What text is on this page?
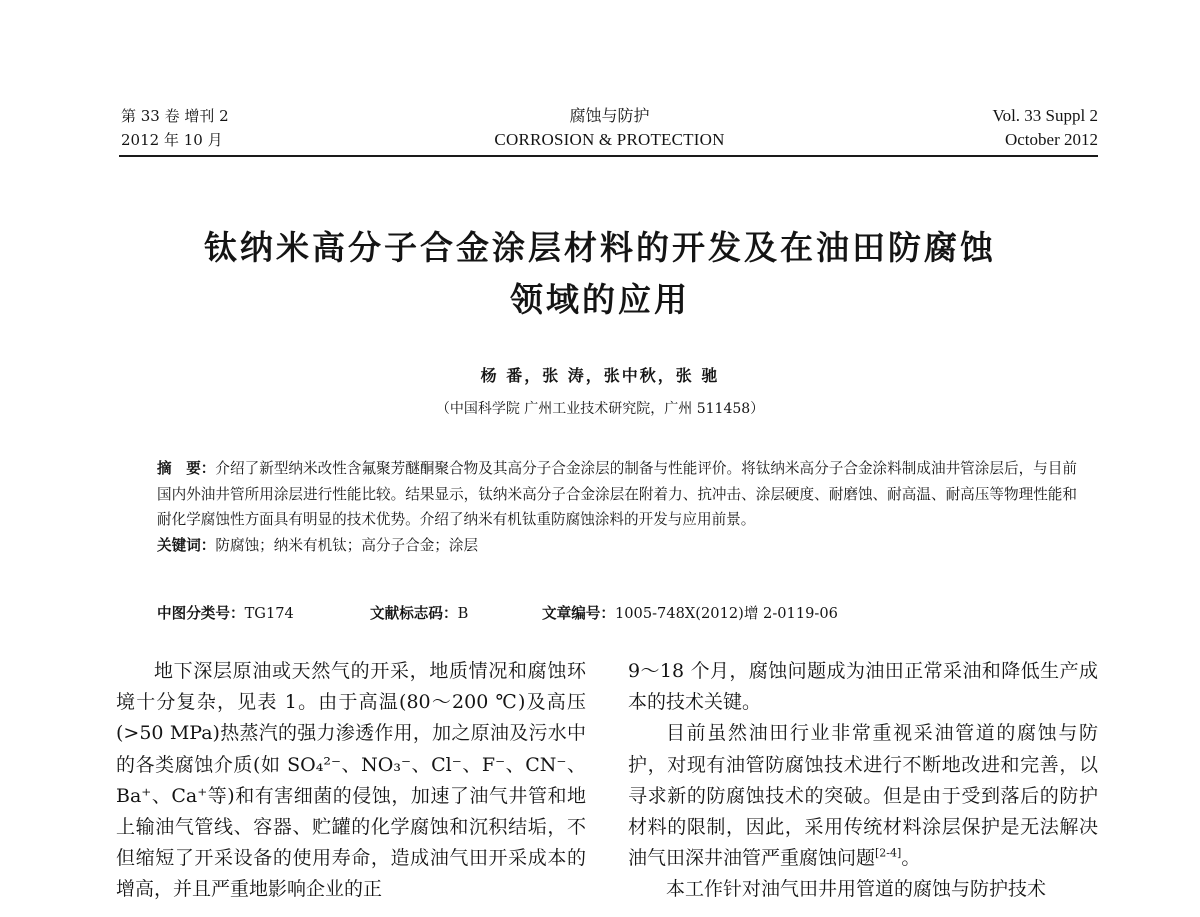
第 33 卷 增刊 2
2012 年 10 月
腐蚀与防护
CORROSION & PROTECTION
Vol. 33 Suppl 2
October 2012
钛纳米高分子合金涂层材料的开发及在油田防腐蚀
领域的应用
杨 番，张 涛，张中秋，张 驰
（中国科学院 广州工业技术研究院，广州 511458）

摘　要：介绍了新型纳米改性含氟聚芳醚酮聚合物及其高分子合金涂层的制备与性能评价。将钛纳米高分子合金涂料制成油井管涂层后，与目前国内外油井管所用涂层进行性能比较。结果显示，钛纳米高分子合金涂层在附着力、抗冲击、涂层硬度、耐磨蚀、耐高温、耐高压等物理性能和耐化学腐蚀性方面具有明显的技术优势。介绍了纳米有机钛重防腐蚀涂料的开发与应用前景。

关键词：防腐蚀；纳米有机钛；高分子合金；涂层

中图分类号：TG174	文献标志码：B	文章编号：1005-748X(2012)增 2-0119-06

地下深层原油或天然气的开采，地质情况和腐蚀环境十分复杂，见表 1。由于高温(80～200 ℃)及高压(>50 MPa)热蒸汽的强力渗透作用，加之原油及污水中的各类腐蚀介质(如 SO₄²⁻、NO₃⁻、Cl⁻、F⁻、CN⁻、Ba⁺、Ca⁺等)和有害细菌的侵蚀，加速了油气井管和地上输油气管线、容器、贮罐的化学腐蚀和沉积结垢，不但缩短了开采设备的使用寿命，造成油气田开采成本的增高，并且严重地影响企业的正

9～18 个月，腐蚀问题成为油田正常采油和降低生产成本的技术关键。

目前虽然油田行业非常重视采油管道的腐蚀与防护，对现有油管防腐蚀技术进行不断地改进和完善，以寻求新的防腐蚀技术的突破。但是由于受到落后的防护材料的限制，因此，采用传统材料涂层保护是无法解决油气田深井油管严重腐蚀问题[2-4]。

本工作针对油气田井用管道的腐蚀与防护技术
